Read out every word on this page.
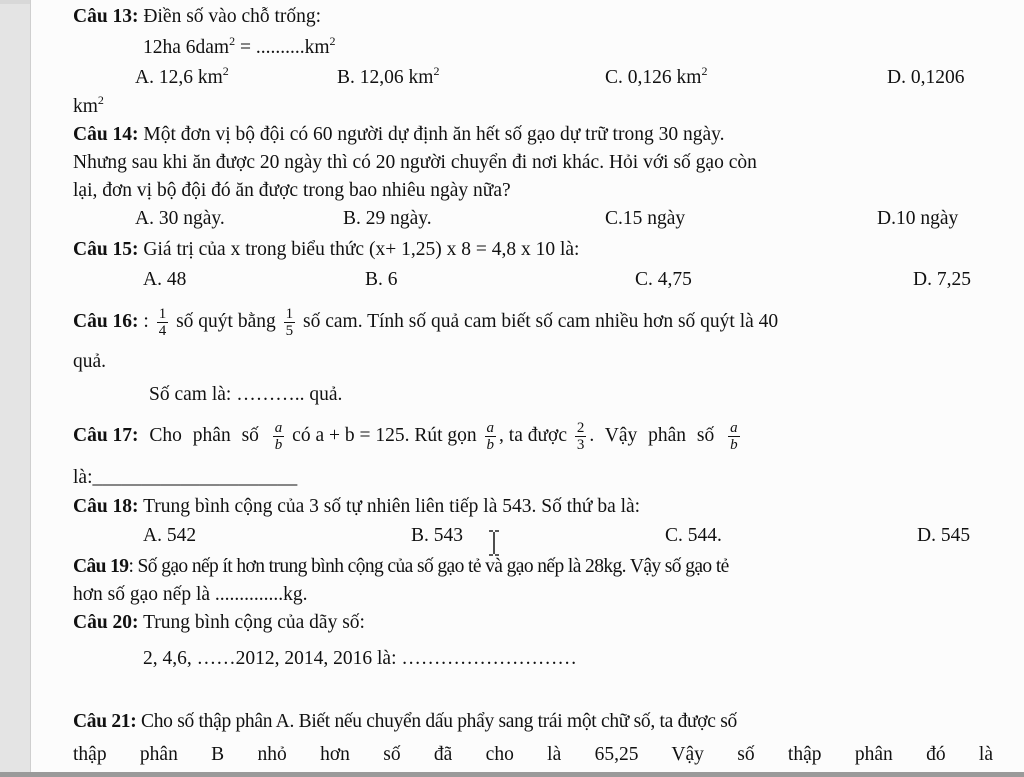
Câu 13: Điền số vào chỗ trống:
12ha $6dam^2 = ..........km^2$
A. 12,6 $km^2$	B. 12,06 $km^2$	C. 0,126 $km^2$	D. 0,1206
$km^2$
Câu 14: Một đơn vị bộ đội có 60 người dự định ăn hết số gạo dự trữ trong 30 ngày.
Nhưng sau khi ăn được 20 ngày thì có 20 người chuyển đi nơi khác. Hỏi với số gạo còn
lại, đơn vị bộ đội đó ăn được trong bao nhiêu ngày nữa?
A. 30 ngày.	B. 29 ngày.	C.15 ngày	D.10 ngày
Câu 15: Giá trị của x trong biểu thức (x+ 1,25) x 8 = 4,8 x 10 là:
A. 48	B. 6	C. 4,75	D. 7,25
Câu 16: : $\frac{1}{4}$ số quýt bằng $\frac{1}{5}$ số cam. Tính số quả cam biết số cam nhiều hơn số quýt là 40
quả.
Số cam là: ……….. quả.
Câu 17: Cho phân số $\frac{a}{b}$ có a + b = 125. Rút gọn $\frac{a}{b}$ , ta được $\frac{2}{3}$ . Vậy phân số $\frac{a}{b}$
là:_____________________
Câu 18: Trung bình cộng của 3 số tự nhiên liên tiếp là 543. Số thứ ba là:
A. 542	B. 543	C. 544.	D. 545
Câu 19: Số gạo nếp ít hơn trung bình cộng của số gạo tẻ và gạo nếp là 28kg. Vậy số gạo tẻ
hơn số gạo nếp là ..............kg.
Câu 20: Trung bình cộng của dãy số:
2, 4,6, ……2012, 2014, 2016 là: ………………………
Câu 21: Cho số thập phân A. Biết nếu chuyển dấu phẩy sang trái một chữ số, ta được số
thập phân B nhỏ hơn số đã cho là 65,25 Vậy số thập phân đó là
